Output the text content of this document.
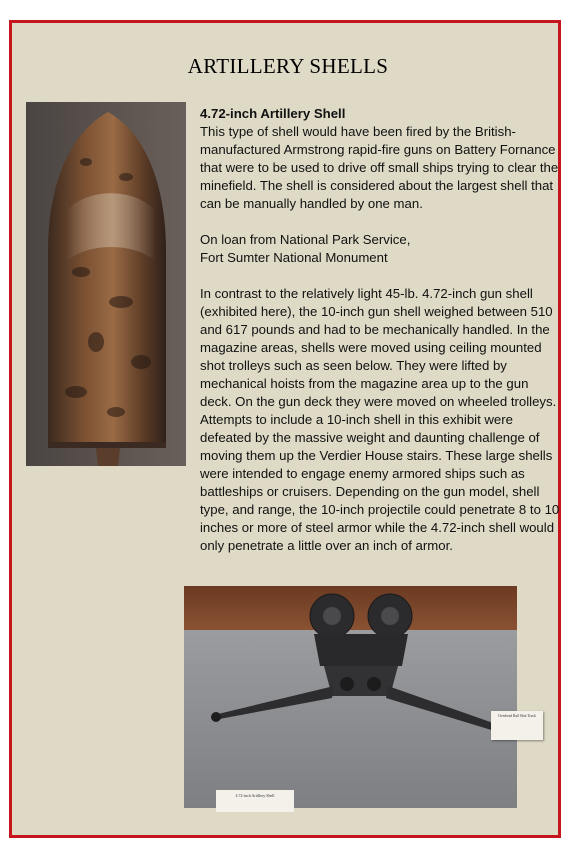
ARTILLERY SHELLS

4.72-inch Artillery Shell
This type of shell would have been fired by the British-manufactured Armstrong rapid-fire guns on Battery Fornance that were to be used to drive off small ships trying to clear the minefield. The shell is considered about the largest shell that can be manually handled by one man.

On loan from National Park Service,
Fort Sumter National Monument

In contrast to the relatively light 45-lb. 4.72-inch gun shell (exhibited here), the 10-inch gun shell weighed between 510 and 617 pounds and had to be mechanically handled. In the magazine areas, shells were moved using ceiling mounted shot trolleys such as seen below. They were lifted by mechanical hoists from the magazine area up to the gun deck. On the gun deck they were moved on wheeled trolleys. Attempts to include a 10-inch shell in this exhibit were defeated by the massive weight and daunting challenge of moving them up the Verdier House stairs. These large shells were intended to engage enemy armored ships such as battleships or cruisers. Depending on the gun model, shell type, and range, the 10-inch projectile could penetrate 8 to 10 inches or more of steel armor while the 4.72-inch shell would only penetrate a little over an inch of armor.

Overhead Rail Shot Truck
4.72-inch Artillery Shell
